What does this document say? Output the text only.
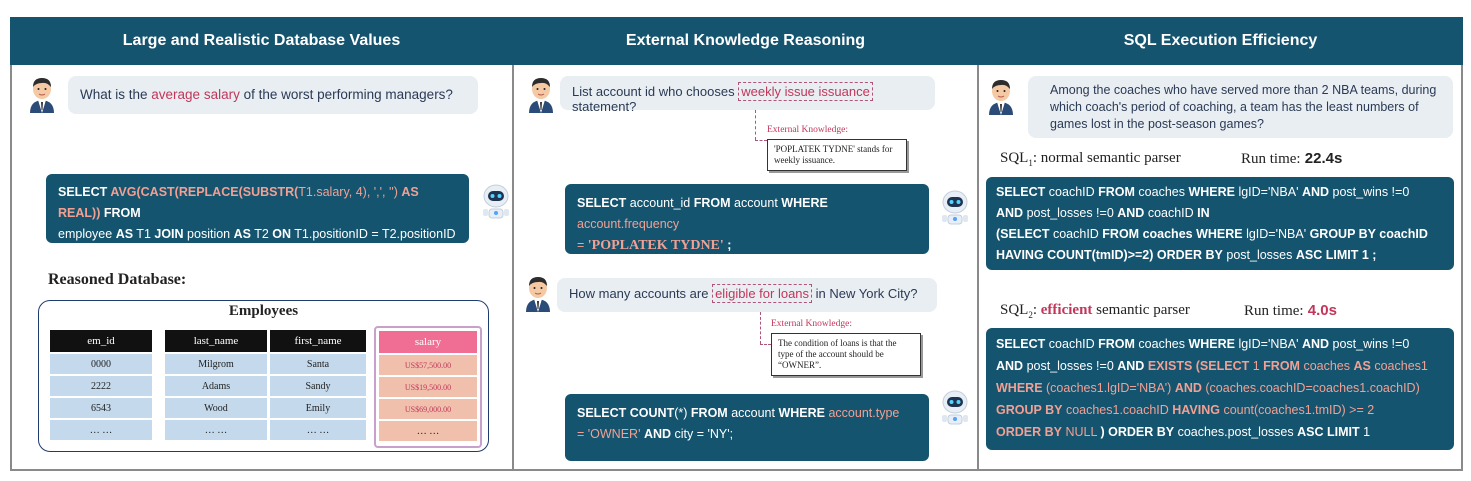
Large and Realistic Database Values
What is the average salary of the worst performing managers?
SELECT AVG(CAST(REPLACE(SUBSTR(T1.salary, 4), ',', '') AS REAL)) FROM
employee AS T1 JOIN position AS T2 ON T1.positionID = T2.positionID
WHERE T1.performance = 'Poor' AND T2.positiontitle = 'Manager'
Reasoned Database:
Employees
em_id
0000
2222
6543
… …
last_name
Milgrom
Adams
Wood
… …
first_name
Santa
Sandy
Emily
… …
salary
US$57,500.00
US$19,500.00
US$69,000.00
… …
External Knowledge Reasoning
List account id who chooses weekly issue issuance statement?
External Knowledge:
'POPLATEK TYDNE' stands for weekly issuance.
SELECT account_id FROM account WHERE account.frequency
= 'POPLATEK TYDNE' ;
How many accounts are eligible for loans in New York City?
External Knowledge:
The condition of loans is that the type of the account should be “OWNER”.
SELECT COUNT(*) FROM account WHERE account.type
= 'OWNER' AND city = 'NY';
SQL Execution Efficiency
Among the coaches who have served more than 2 NBA teams, during which coach's period of coaching, a team has the least numbers of games lost in the post-season games?
$SQL_1$: normal semantic parser	Run time: 22.4s
SELECT coachID FROM coaches WHERE lgID='NBA' AND post_wins !=0
AND post_losses !=0 AND coachID IN
(SELECT coachID FROM coaches WHERE lgID='NBA' GROUP BY coachID
HAVING COUNT(tmID)>=2) ORDER BY post_losses ASC LIMIT 1 ;
$SQL_2$: efficient semantic parser	Run time: 4.0s
SELECT coachID FROM coaches WHERE lgID='NBA' AND post_wins !=0
AND post_losses !=0 AND EXISTS (SELECT 1 FROM coaches AS coaches1
WHERE (coaches1.lgID='NBA') AND (coaches.coachID=coaches1.coachID)
GROUP BY coaches1.coachID HAVING count(coaches1.tmID) >= 2
ORDER BY NULL ) ORDER BY coaches.post_losses ASC LIMIT 1
